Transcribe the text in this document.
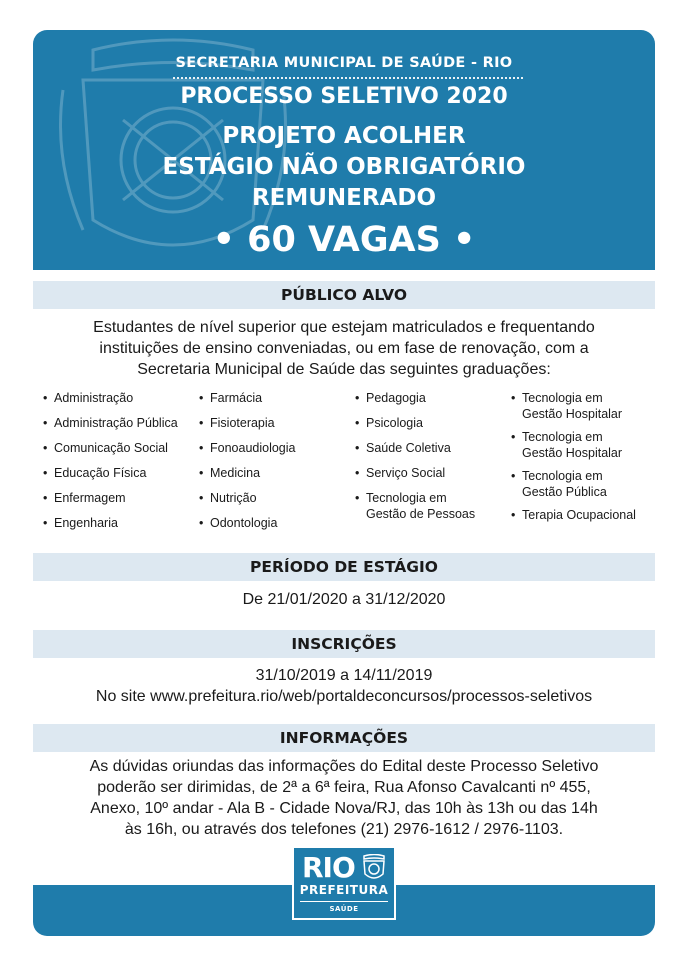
SECRETARIA MUNICIPAL DE SAÚDE - RIO
PROCESSO SELETIVO 2020
PROJETO ACOLHER
ESTÁGIO NÃO OBRIGATÓRIO
REMUNERADO
• 60 VAGAS •
PÚBLICO ALVO
Estudantes de nível superior que estejam matriculados e frequentando
instituições de ensino conveniadas, ou em fase de renovação, com a
Secretaria Municipal de Saúde das seguintes graduações:
• Administração
• Administração Pública
• Comunicação Social
• Educação Física
• Enfermagem
• Engenharia
• Farmácia
• Fisioterapia
• Fonoaudiologia
• Medicina
• Nutrição
• Odontologia
• Pedagogia
• Psicologia
• Saúde Coletiva
• Serviço Social
• Tecnologia em
Gestão de Pessoas
• Tecnologia em
Gestão Hospitalar
• Tecnologia em
Gestão Hospitalar
• Tecnologia em
Gestão Pública
• Terapia Ocupacional
PERÍODO DE ESTÁGIO
De 21/01/2020 a 31/12/2020
INSCRIÇÕES
31/10/2019 a 14/11/2019
No site www.prefeitura.rio/web/portaldeconcursos/processos-seletivos
INFORMAÇÕES
As dúvidas oriundas das informações do Edital deste Processo Seletivo
poderão ser dirimidas, de 2ª a 6ª feira, Rua Afonso Cavalcanti nº 455,
Anexo, 10º andar - Ala B - Cidade Nova/RJ, das 10h às 13h ou das 14h
às 16h, ou através dos telefones (21) 2976-1612 / 2976-1103.
RIO
PREFEITURA
SAÚDE
